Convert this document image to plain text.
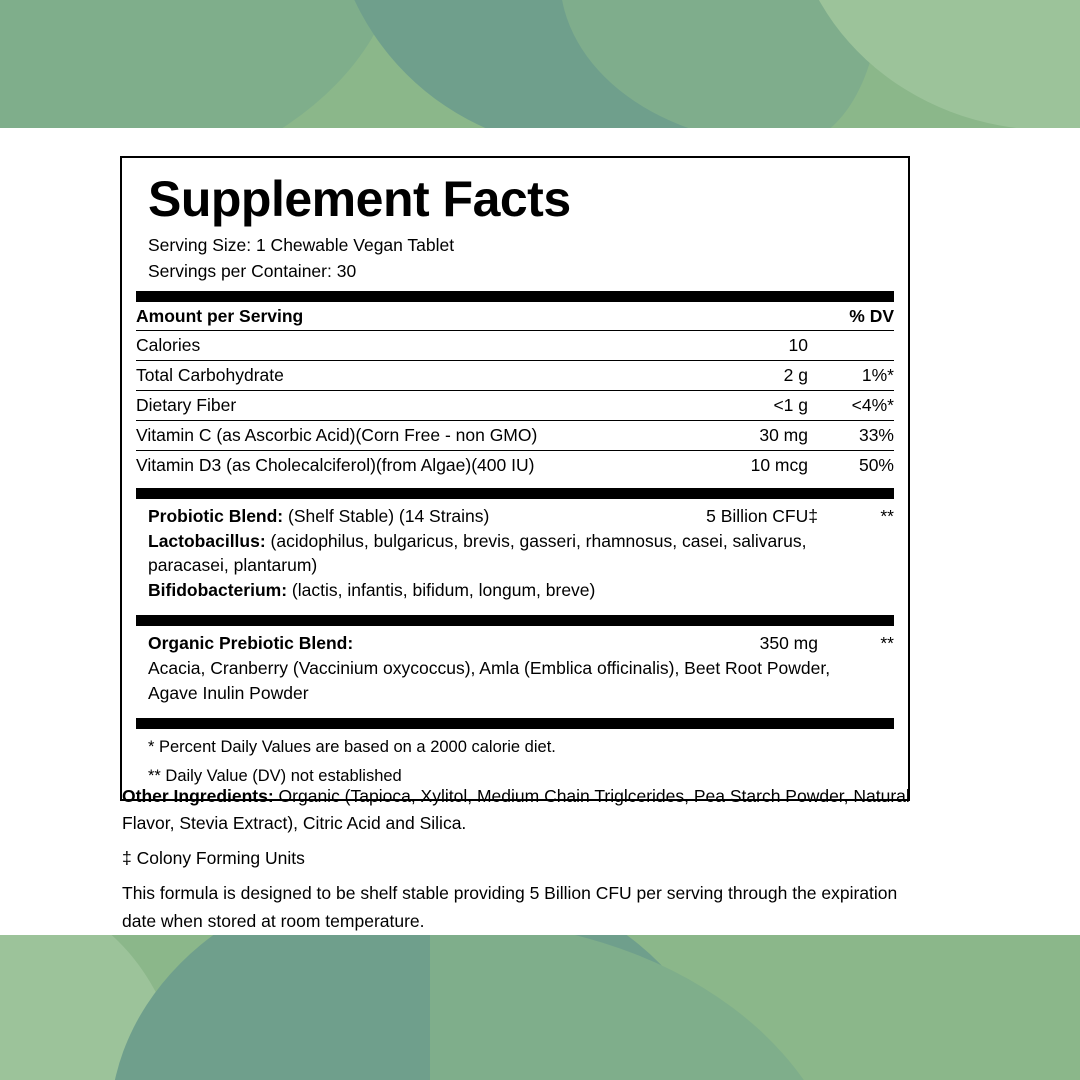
Supplement Facts
Serving Size: 1 Chewable Vegan Tablet
Servings per Container: 30
Amount per Serving		% DV
Calories	10	
Total Carbohydrate	2 g	1%*
Dietary Fiber	<1 g	<4%*
Vitamin C (as Ascorbic Acid)(Corn Free - non GMO)	30 mg	33%
Vitamin D3 (as Cholecalciferol)(from Algae)(400 IU)	10 mcg	50%
Probiotic Blend: (Shelf Stable) (14 Strains)	5 Billion CFU‡	**
Lactobacillus: (acidophilus, bulgaricus, brevis, gasseri, rhamnosus, casei, salivarus, paracasei, plantarum)
Bifidobacterium: (lactis, infantis, bifidum, longum, breve)
Organic Prebiotic Blend:	350 mg	**
Acacia, Cranberry (Vaccinium oxycoccus), Amla (Emblica officinalis), Beet Root Powder, Agave Inulin Powder
* Percent Daily Values are based on a 2000 calorie diet.
** Daily Value (DV) not established

Other Ingredients: Organic (Tapioca, Xylitol, Medium Chain Triglcerides, Pea Starch Powder, Natural Flavor, Stevia Extract), Citric Acid and Silica.

‡ Colony Forming Units

This formula is designed to be shelf stable providing 5 Billion CFU per serving through the expiration date when stored at room temperature.
